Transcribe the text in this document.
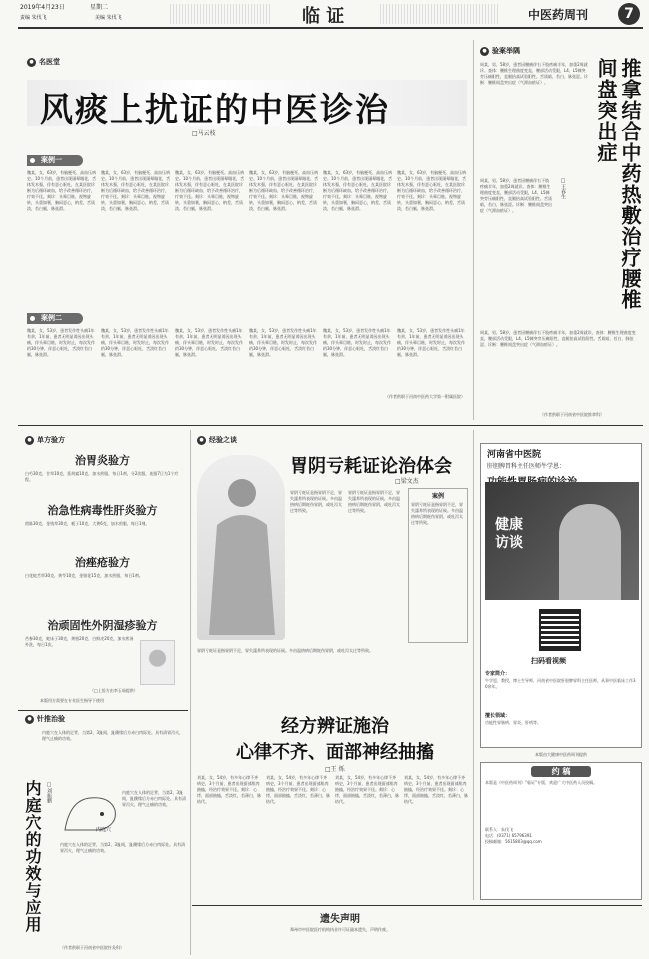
2019年4月23日	星期二
责编 朱伐飞	美编 朱伐飞	临 证	中医药周刊	7
● 名医堂
风痰上扰证的中医诊治
□马云枝
案例一
魏某，女，63岁，有脑梗死、高血压病史。10个月前，患者出现頭晕眼花，舌体发木强，伴有恶心呕吐，在某医院诊断为后循环缺血，给予改善循环治疗，疗效不佳。刻诊：头晕目眩，视物旋转，头重如裹，胸闷恶心，纳差，舌质淡，苔白腻，脉弦滑。
魏某，女，63岁，有脑梗死、高血压病史。10个月前，患者出现頭晕眼花，舌体发木强，伴有恶心呕吐，在某医院诊断为后循环缺血，给予改善循环治疗，疗效不佳。刻诊：头晕目眩，视物旋转，头重如裹，胸闷恶心，纳差，舌质淡，苔白腻，脉弦滑。
魏某，女，63岁，有脑梗死、高血压病史。10个月前，患者出现頭晕眼花，舌体发木强，伴有恶心呕吐，在某医院诊断为后循环缺血，给予改善循环治疗，疗效不佳。刻诊：头晕目眩，视物旋转，头重如裹，胸闷恶心，纳差，舌质淡，苔白腻，脉弦滑。
魏某，女，63岁，有脑梗死、高血压病史。10个月前，患者出现頭晕眼花，舌体发木强，伴有恶心呕吐，在某医院诊断为后循环缺血，给予改善循环治疗，疗效不佳。刻诊：头晕目眩，视物旋转，头重如裹，胸闷恶心，纳差，舌质淡，苔白腻，脉弦滑。
魏某，女，63岁，有脑梗死、高血压病史。10个月前，患者出现頭晕眼花，舌体发木强，伴有恶心呕吐，在某医院诊断为后循环缺血，给予改善循环治疗，疗效不佳。刻诊：头晕目眩，视物旋转，头重如裹，胸闷恶心，纳差，舌质淡，苔白腻，脉弦滑。
魏某，女，63岁，有脑梗死、高血压病史。10个月前，患者出现頭晕眼花，舌体发木强，伴有恶心呕吐，在某医院诊断为后循环缺血，给予改善循环治疗，疗效不佳。刻诊：头晕目眩，视物旋转，头重如裹，胸闷恶心，纳差，舌质淡，苔白腻，脉弦滑。
案例二
魏某，女，53岁，患者发作性头痛1年有余，1年前，患者无明显诱因出现头痛，伴头晕目眩，时发时止，每次发作约30分钟，伴恶心呕吐，舌淡红苔白腻，脉弦滑。
魏某，女，53岁，患者发作性头痛1年有余，1年前，患者无明显诱因出现头痛，伴头晕目眩，时发时止，每次发作约30分钟，伴恶心呕吐，舌淡红苔白腻，脉弦滑。
魏某，女，53岁，患者发作性头痛1年有余，1年前，患者无明显诱因出现头痛，伴头晕目眩，时发时止，每次发作约30分钟，伴恶心呕吐，舌淡红苔白腻，脉弦滑。
魏某，女，53岁，患者发作性头痛1年有余，1年前，患者无明显诱因出现头痛，伴头晕目眩，时发时止，每次发作约30分钟，伴恶心呕吐，舌淡红苔白腻，脉弦滑。
魏某，女，53岁，患者发作性头痛1年有余，1年前，患者无明显诱因出现头痛，伴头晕目眩，时发时止，每次发作约30分钟，伴恶心呕吐，舌淡红苔白腻，脉弦滑。
魏某，女，53岁，患者发作性头痛1年有余，1年前，患者无明显诱因出现头痛，伴头晕目眩，时发时止，每次发作约30分钟，伴恶心呕吐，舌淡红苔白腻，脉弦滑。
（作者供职于河南中医药大学第一附属医院）
● 验案举隅
周某，男，58岁，患者因腰痛伴右下肢疼痛半年，加重2周就诊。查体：腰椎生理曲度变直，腰部活动受限，L4、L5棘突旁压痛阳性，直腿抬高试验阳性。舌质暗，苔白，脉弦涩。诊断：腰椎间盘突出症（气滞血瘀证）。	推拿结合中药热敷治疗腰椎间盘突出症
□王春生
周某，男，58岁，患者因腰痛伴右下肢疼痛半年，加重2周就诊。查体：腰椎生理曲度变直，腰部活动受限，L4、L5棘突旁压痛阳性，直腿抬高试验阳性。舌质暗，苔白，脉弦涩。诊断：腰椎间盘突出症（气滞血瘀证）。
周某，男，58岁，患者因腰痛伴右下肢疼痛半年，加重2周就诊。查体：腰椎生理曲度变直，腰部活动受限，L4、L5棘突旁压痛阳性，直腿抬高试验阳性。舌质暗，苔白，脉弦涩。诊断：腰椎间盘突出症（气滞血瘀证）。
（作者供职于河南省中医院推拿科）
● 单方验方
治胃炎验方
白芍30克，甘草10克，延胡索10克，加水煎服，每日1剂，分2次服，连服7日为1个疗程。
治急性病毒性肝炎验方
茵陈30克，金钱草30克，栀子10克，大黄6克，加水煎服，每日1剂。
治痤疮验方
白花蛇舌草30克，黄芩10克，金银花15克，加水煎服，每日1剂。
治顽固性外阴湿疹验方
苦参30克，蛇床子30克，黄柏20克，白鲜皮20克，加水煎汤外洗，每日1次。
（□上验方由李玉茹提供）
本版用方需要在专业医生指导下使用
● 针推治验
内庭穴在人体的足背，当第2、3趾间，趾蹼缘后方赤白肉际处。具有清胃泻火，理气止痛的功效。
内庭穴的功效与应用 □刘振鹏
内庭穴
内庭穴在人体的足背，当第2、3趾间，趾蹼缘后方赤白肉际处。具有清胃泻火，理气止痛的功效。
内庭穴在人体的足背，当第2、3趾间，趾蹼缘后方赤白肉际处。具有清胃泻火，理气止痛的功效。
（作者供职于河南省中医院针灸科）
● 经验之谈
胃阴亏耗证论治体会
□梁文杰
胃阴亏耗证是指胃阴不足，胃失濡养所表现的证候。多由温热病后期耗伤胃阴，或吐泻太过等所致。
胃阴亏耗证是指胃阴不足，胃失濡养所表现的证候。多由温热病后期耗伤胃阴，或吐泻太过等所致。
案例
胃阴亏耗证是指胃阴不足，胃失濡养所表现的证候。多由温热病后期耗伤胃阴，或吐泻太过等所致。
胃阴亏耗证是指胃阴不足，胃失濡养所表现的证候。多由温热病后期耗伤胃阴，或吐泻太过等所致。
经方辨证施治
心律不齐、面部神经抽搐
□王 烁
刘某，女，54岁，有多年心律不齐病史，3个月前，患者出现面部肌肉抽搐，经治疗效果不佳。刻诊：心悸，面部抽搐，舌淡红，苔薄白，脉结代。
刘某，女，54岁，有多年心律不齐病史，3个月前，患者出现面部肌肉抽搐，经治疗效果不佳。刻诊：心悸，面部抽搐，舌淡红，苔薄白，脉结代。
刘某，女，54岁，有多年心律不齐病史，3个月前，患者出现面部肌肉抽搐，经治疗效果不佳。刻诊：心悸，面部抽搐，舌淡红，苔薄白，脉结代。
刘某，女，54岁，有多年心律不齐病史，3个月前，患者出现面部肌肉抽搐，经治疗效果不佳。刻诊：心悸，面部抽搐，舌淡红，苔薄白，脉结代。
河南省中医院
肝胆脾胃科主任医师牛学恩：
健康访谈
扫码看视频
专家简介：
牛学恩，教授，博士生导师，河南省中医院肝胆脾胃科主任医师，从事中医临床工作30余年。
擅长领域：
功能性胃肠病、胃炎、肝病等。
本版由大健康中医药周刊提供
约 稿
本版是《中医药周刊》“临证”专版，欢迎广大中医药人员投稿。
联系人：朱伐飞
电话：(0371) 65796391
投稿邮箱：5615803@qq.com
遗失声明
郑州市中医院医疗机构执业许可证副本遗失，声明作废。
